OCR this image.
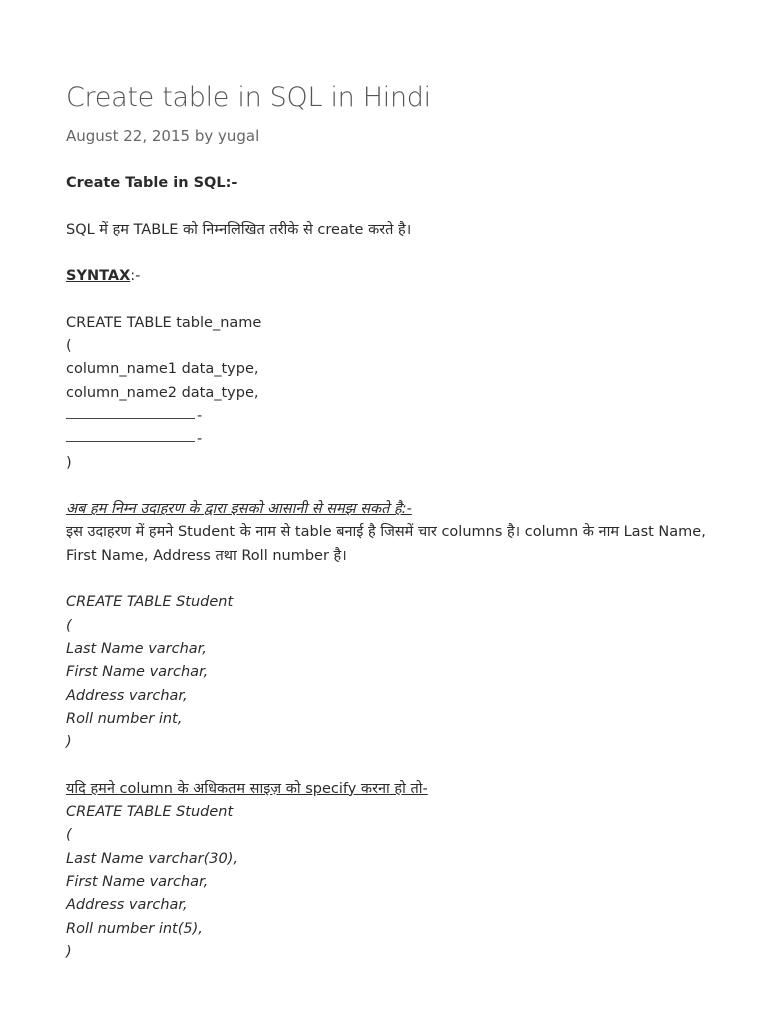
Create table in SQL in Hindi
August 22, 2015 by yugal
Create Table in SQL:-
SQL में हम TABLE को निम्नलिखित तरीके से create करते है।
SYNTAX:-
CREATE TABLE table_name
(
column_name1 data_type,
column_name2 data_type,
-
-
)
अब हम निम्न उदाहरण के द्वारा इसको आसानी से समझ सकते है:-
इस उदाहरण में हमने Student के नाम से table बनाई है जिसमें चार columns है। column के नाम Last Name, First Name, Address तथा Roll number है।
CREATE TABLE Student
(
Last Name varchar,
First Name varchar,
Address varchar,
Roll number int,
)
यदि हमने column के अधिकतम साइज़ को specify करना हो तो-
CREATE TABLE Student
(
Last Name varchar(30),
First Name varchar,
Address varchar,
Roll number int(5),
)
